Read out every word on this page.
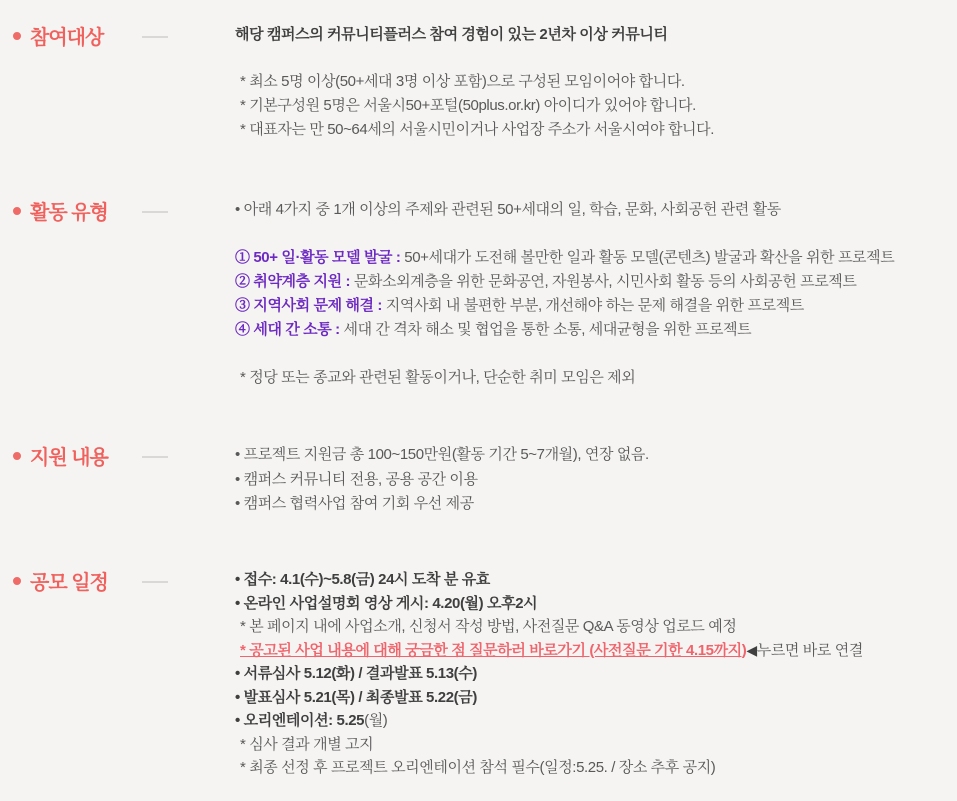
참여대상	해당 캠퍼스의 커뮤니티플러스 참여 경험이 있는 2년차 이상 커뮤니티
* 최소 5명 이상(50+세대 3명 이상 포함)으로 구성된 모임이어야 합니다.
* 기본구성원 5명은 서울시50+포털(50plus.or.kr) 아이디가 있어야 합니다.
* 대표자는 만 50~64세의 서울시민이거나 사업장 주소가 서울시여야 합니다.
활동 유형	• 아래 4가지 중 1개 이상의 주제와 관련된 50+세대의 일, 학습, 문화, 사회공헌 관련 활동
① 50+ 일·활동 모델 발굴 : 50+세대가 도전해 볼만한 일과 활동 모델(콘텐츠) 발굴과 확산을 위한 프로젝트
② 취약계층 지원 : 문화소외계층을 위한 문화공연, 자원봉사, 시민사회 활동 등의 사회공헌 프로젝트
③ 지역사회 문제 해결 : 지역사회 내 불편한 부분, 개선해야 하는 문제 해결을 위한 프로젝트
④ 세대 간 소통 : 세대 간 격차 해소 및 협업을 통한 소통, 세대균형을 위한 프로젝트
* 정당 또는 종교와 관련된 활동이거나, 단순한 취미 모임은 제외
지원 내용	• 프로젝트 지원금 총 100~150만원(활동 기간 5~7개월), 연장 없음.
• 캠퍼스 커뮤니티 전용, 공용 공간 이용
• 캠퍼스 협력사업 참여 기회 우선 제공
공모 일정	• 접수: 4.1(수)~5.8(금) 24시 도착 분 유효
• 온라인 사업설명회 영상 게시: 4.20(월) 오후2시
* 본 페이지 내에 사업소개, 신청서 작성 방법, 사전질문 Q&A 동영상 업로드 예정
* 공고된 사업 내용에 대해 궁금한 점 질문하러 바로가기 (사전질문 기한 4.15까지)◀누르면 바로 연결
• 서류심사 5.12(화) / 결과발표 5.13(수)
• 발표심사 5.21(목) / 최종발표 5.22(금)
• 오리엔테이션: 5.25(월)
* 심사 결과 개별 고지
* 최종 선정 후 프로젝트 오리엔테이션 참석 필수(일정:5.25. / 장소 추후 공지)
